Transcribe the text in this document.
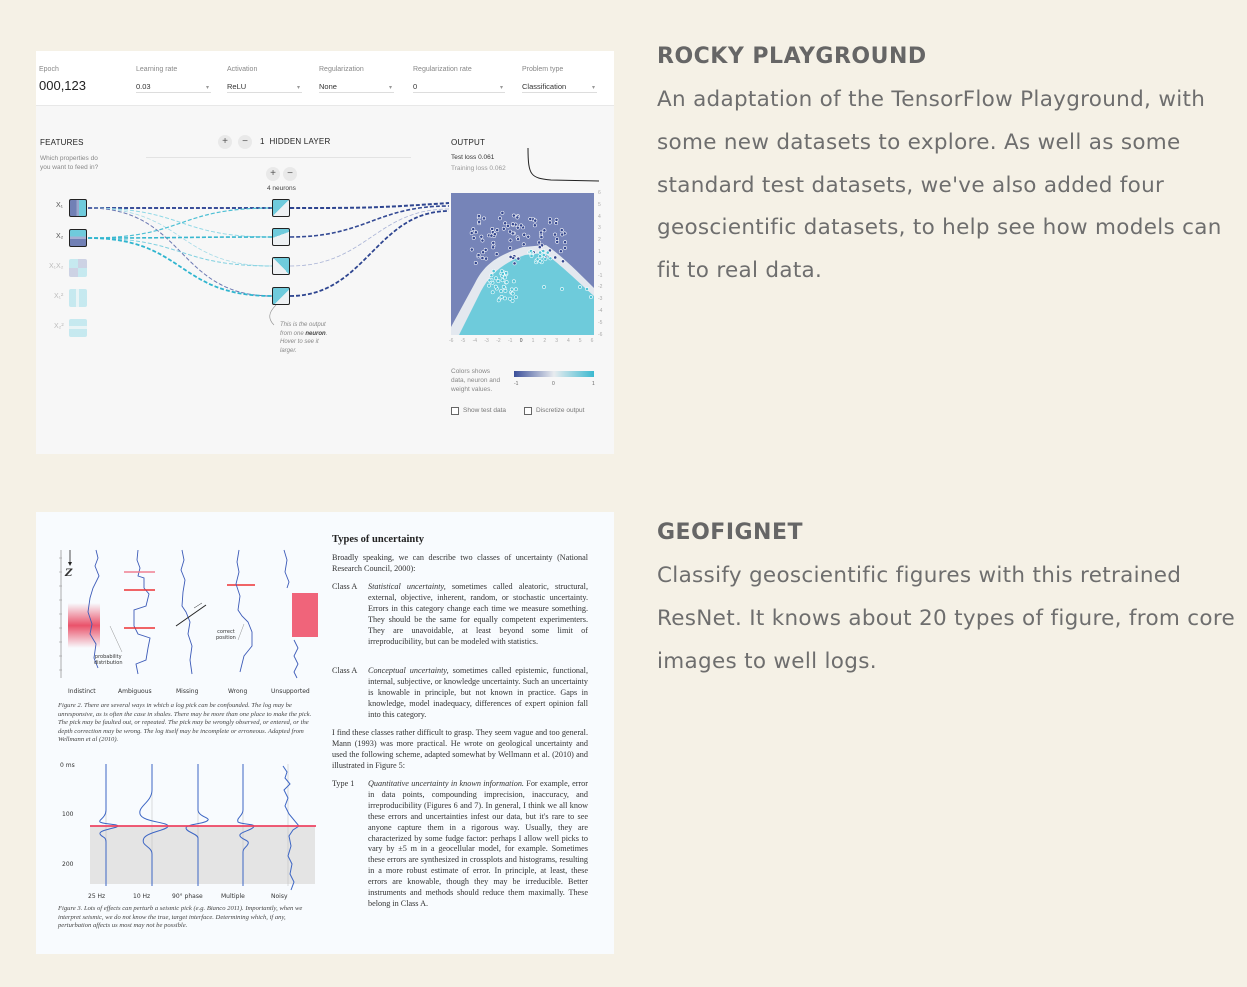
Epoch
000,123
Learning rate
0.03	▾
Activation
ReLU	▾
Regularization
None	▾
Regularization rate
0	▾
Problem type
Classification	▾
FEATURES
Which properties do
you want to feed in?
X₁
X₂
X₁X₂
X₁²
X₂²
+	−	1 HIDDEN LAYER
+	−
4 neurons
This is the output
from one neuron.
Hover to see it
larger.
OUTPUT
Test loss 0.061
Training loss 0.062
6
5
4
3
2
1
0
-1
-2
-3
-4
-5
-6
-6 -5 -4 -3 -2 -1 0 1 2 3 4 5 6
Colors shows
data, neuron and
weight values.
-1	0	1
Show test data	Discretize output
ROCKY PLAYGROUND

An adaptation of the TensorFlow Playground, with some new datasets to explore. As well as some standard test datasets, we've also added four geoscientific datasets, to help see how models can fit to real data.

probability
distribution
correct
position
Z
Indistinct	Ambiguous	Missing	Wrong	Unsupported
Figure 2. There are several ways in which a log pick can be confounded. The log may be unresponsive, as is often the case in shales. There may be more than one place to make the pick. The pick may be faulted out, or repeated. The pick may be wrongly observed, or entered, or the depth correction may be wrong. The log itself may be incomplete or erroneous. Adapted from Wellmann et al (2010).
0 ms
100
200
25 Hz	10 Hz	90° phase	Multiple	Noisy
Figure 3. Lots of effects can perturb a seismic pick (e.g. Bianco 2011). Importantly, when we interpret seismic, we do not know the true, target interface. Determining which, if any, perturbation affects us most may not be possible.
Types of uncertainty
Broadly speaking, we can describe two classes of uncertainty (National Research Council, 2000):
Class A Statistical uncertainty, sometimes called aleatoric, structural, external, objective, inherent, random, or stochastic uncertainty. Errors in this category change each time we measure something. They should be the same for equally competent experimenters. They are unavoidable, at least beyond some limit of irreproducibility, but can be modeled with statistics.
Class A Conceptual uncertainty, sometimes called epistemic, functional, internal, subjective, or knowledge uncertainty. Such an uncertainty is knowable in principle, but not known in practice. Gaps in knowledge, model inadequacy, differences of expert opinion fall into this category.
I find these classes rather difficult to grasp. They seem vague and too general. Mann (1993) was more practical. He wrote on geological uncertainty and used the following scheme, adapted somewhat by Wellmann et al. (2010) and illustrated in Figure 5:
Type 1 Quantitative uncertainty in known information. For example, error in data points, compounding imprecision, inaccuracy, and irreproducibility (Figures 6 and 7). In general, I think we all know these errors and uncertainties infest our data, but it's rare to see anyone capture them in a rigorous way. Usually, they are characterized by some fudge factor: perhaps I allow well picks to vary by ±5 m in a geocellular model, for example. Sometimes these errors are synthesized in crossplots and histograms, resulting in a more robust estimate of error. In principle, at least, these errors are knowable, though they may be irreducible. Better instruments and methods should reduce them maximally. These belong in Class A.
GEOFIGNET

Classify geoscientific figures with this retrained ResNet. It knows about 20 types of figure, from core images to well logs.
